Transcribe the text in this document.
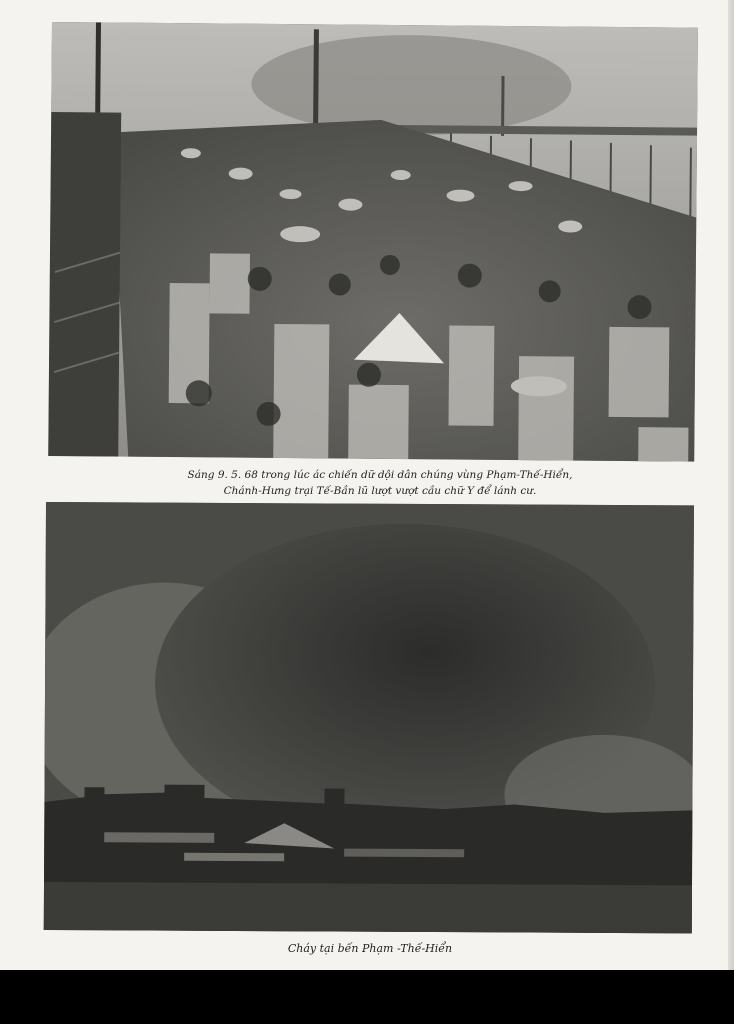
Sáng 9. 5. 68 trong lúc ác chiến dữ dội dân chúng vùng Phạm-Thế-Hiển,
Chánh-Hưng trại Tế-Bần lũ lượt vượt cầu chữ Y để lánh cư.
Cháy tại bến Phạm -Thế-Hiển
